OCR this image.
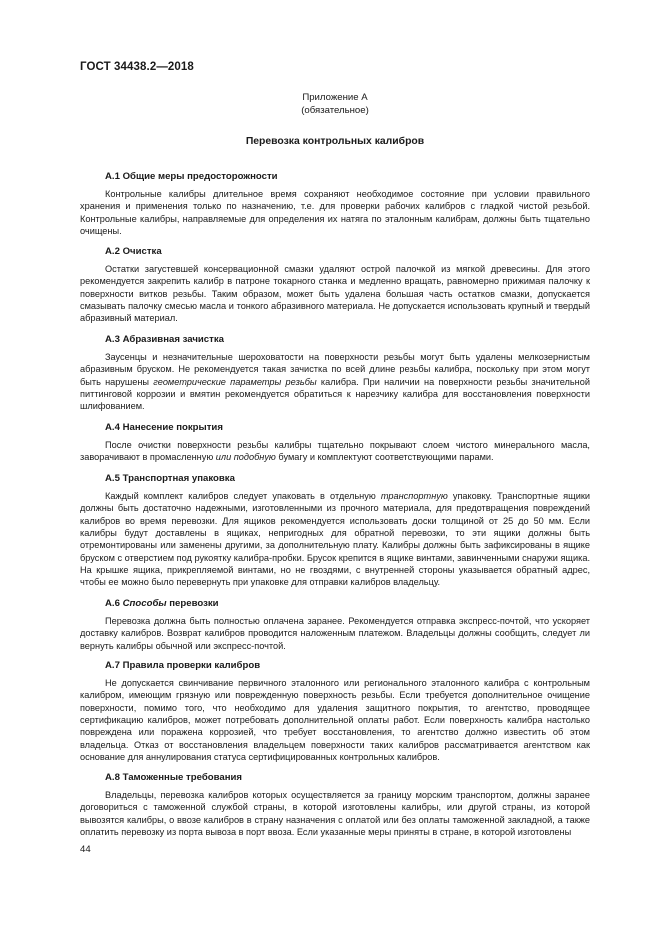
ГОСТ 34438.2—2018
Приложение А
(обязательное)
Перевозка контрольных калибров
А.1 Общие меры предосторожности

Контрольные калибры длительное время сохраняют необходимое состояние при условии правильного хранения и применения только по назначению, т.е. для проверки рабочих калибров с гладкой чистой резьбой. Контрольные калибры, направляемые для определения их натяга по эталонным калибрам, должны быть тщательно очищены.

А.2 Очистка

Остатки загустевшей консервационной смазки удаляют острой палочкой из мягкой древесины. Для этого рекомендуется закрепить калибр в патроне токарного станка и медленно вращать, равномерно прижимая палочку к поверхности витков резьбы. Таким образом, может быть удалена большая часть остатков смазки, допускается смазывать палочку смесью масла и тонкого абразивного материала. Не допускается использовать крупный и твердый абразивный материал.

А.3 Абразивная зачистка

Заусенцы и незначительные шероховатости на поверхности резьбы могут быть удалены мелкозернистым абразивным бруском. Не рекомендуется такая зачистка по всей длине резьбы калибра, поскольку при этом могут быть нарушены геометрические параметры резьбы калибра. При наличии на поверхности резьбы значительной питтинговой коррозии и вмятин рекомендуется обратиться к нарезчику калибра для восстановления поверхности шлифованием.

А.4 Нанесение покрытия

После очистки поверхности резьбы калибры тщательно покрывают слоем чистого минерального масла, заворачивают в промасленную или подобную бумагу и комплектуют соответствующими парами.

А.5 Транспортная упаковка

Каждый комплект калибров следует упаковать в отдельную транспортную упаковку. Транспортные ящики должны быть достаточно надежными, изготовленными из прочного материала, для предотвращения повреждений калибров во время перевозки. Для ящиков рекомендуется использовать доски толщиной от 25 до 50 мм. Если калибры будут доставлены в ящиках, непригодных для обратной перевозки, то эти ящики должны быть отремонтированы или заменены другими, за дополнительную плату. Калибры должны быть зафиксированы в ящике бруском с отверстием под рукоятку калибра-пробки. Брусок крепится в ящике винтами, завинченными снаружи ящика. На крышке ящика, прикрепляемой винтами, но не гвоздями, с внутренней стороны указывается обратный адрес, чтобы ее можно было перевернуть при упаковке для отправки калибров владельцу.

А.6 Способы перевозки

Перевозка должна быть полностью оплачена заранее. Рекомендуется отправка экспресс-почтой, что ускоряет доставку калибров. Возврат калибров проводится наложенным платежом. Владельцы должны сообщить, следует ли вернуть калибры обычной или экспресс-почтой.

А.7 Правила проверки калибров

Не допускается свинчивание первичного эталонного или регионального эталонного калибра с контрольным калибром, имеющим грязную или поврежденную поверхность резьбы. Если требуется дополнительное очищение поверхности, помимо того, что необходимо для удаления защитного покрытия, то агентство, проводящее сертификацию калибров, может потребовать дополнительной оплаты работ. Если поверхность калибра настолько повреждена или поражена коррозией, что требует восстановления, то агентство должно известить об этом владельца. Отказ от восстановления владельцем поверхности таких калибров рассматривается агентством как основание для аннулирования статуса сертифицированных контрольных калибров.

А.8 Таможенные требования

Владельцы, перевозка калибров которых осуществляется за границу морским транспортом, должны заранее договориться с таможенной службой страны, в которой изготовлены калибры, или другой страны, из которой вывозятся калибры, о ввозе калибров в страну назначения с оплатой или без оплаты таможенной закладной, а также оплатить перевозку из порта вывоза в порт ввоза. Если указанные меры приняты в стране, в которой изготовлены

44
